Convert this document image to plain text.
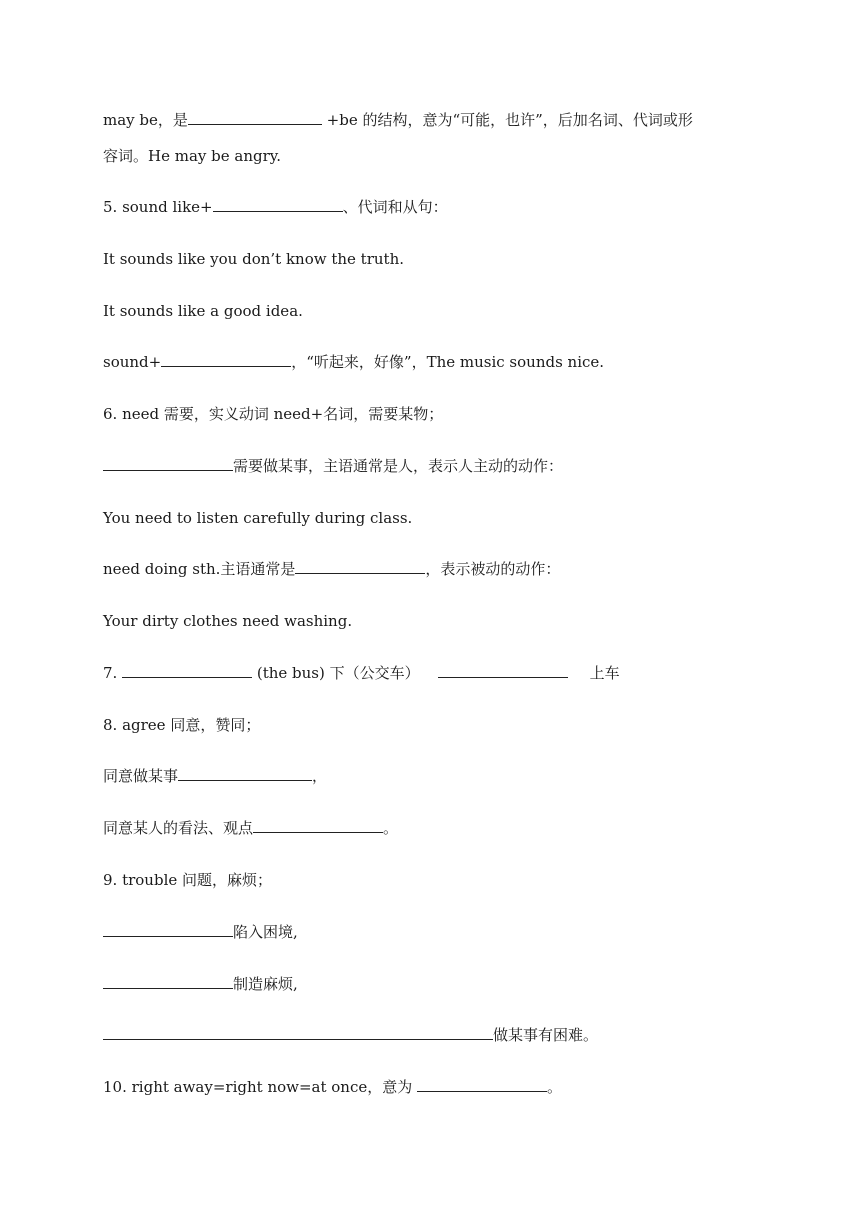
may be，是	+be 的结构，意为“可能，也许”，后加名词、代词或形
容词。He may be angry.
5. sound like+	、代词和从句：
It sounds like you don’t know the truth.
It sounds like a good idea.
sound+	，“听起来，好像”，The music sounds nice.
6. need 需要，实义动词 need+名词，需要某物；
需要做某事，主语通常是人，表示人主动的动作：
You need to listen carefully during class.
need doing sth.主语通常是	，表示被动的动作：
Your dirty clothes need washing.
7.	(the bus) 下（公交车）	上车
8. agree 同意，赞同；
同意做某事	，
同意某人的看法、观点	。
9. trouble 问题，麻烦；
陷入困境,
制造麻烦,
做某事有困难。
10. right away=right now=at once，意为	。
